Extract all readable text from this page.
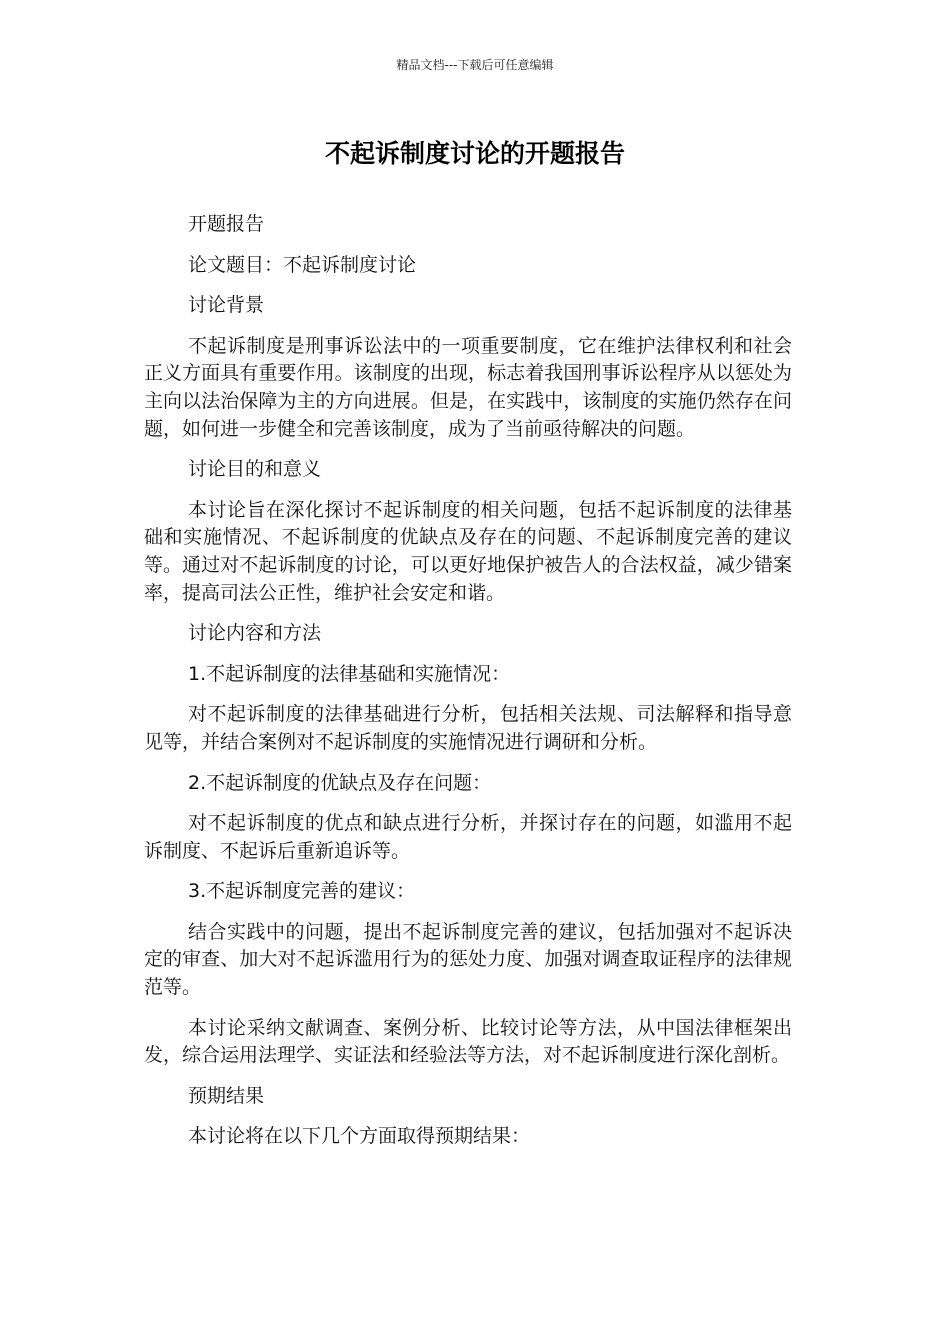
精品文档---下载后可任意编辑
不起诉制度讨论的开题报告

开题报告

论文题目：不起诉制度讨论

讨论背景

不起诉制度是刑事诉讼法中的一项重要制度，它在维护法律权利和社会正义方面具有重要作用。该制度的出现，标志着我国刑事诉讼程序从以惩处为主向以法治保障为主的方向进展。但是，在实践中，该制度的实施仍然存在问题，如何进一步健全和完善该制度，成为了当前亟待解决的问题。

讨论目的和意义

本讨论旨在深化探讨不起诉制度的相关问题，包括不起诉制度的法律基础和实施情况、不起诉制度的优缺点及存在的问题、不起诉制度完善的建议等。通过对不起诉制度的讨论，可以更好地保护被告人的合法权益，减少错案率，提高司法公正性，维护社会安定和谐。

讨论内容和方法

1.不起诉制度的法律基础和实施情况：

对不起诉制度的法律基础进行分析，包括相关法规、司法解释和指导意见等，并结合案例对不起诉制度的实施情况进行调研和分析。

2.不起诉制度的优缺点及存在问题：

对不起诉制度的优点和缺点进行分析，并探讨存在的问题，如滥用不起诉制度、不起诉后重新追诉等。

3.不起诉制度完善的建议：

结合实践中的问题，提出不起诉制度完善的建议，包括加强对不起诉决定的审查、加大对不起诉滥用行为的惩处力度、加强对调查取证程序的法律规范等。

本讨论采纳文献调查、案例分析、比较讨论等方法，从中国法律框架出发，综合运用法理学、实证法和经验法等方法，对不起诉制度进行深化剖析。

预期结果

本讨论将在以下几个方面取得预期结果：
